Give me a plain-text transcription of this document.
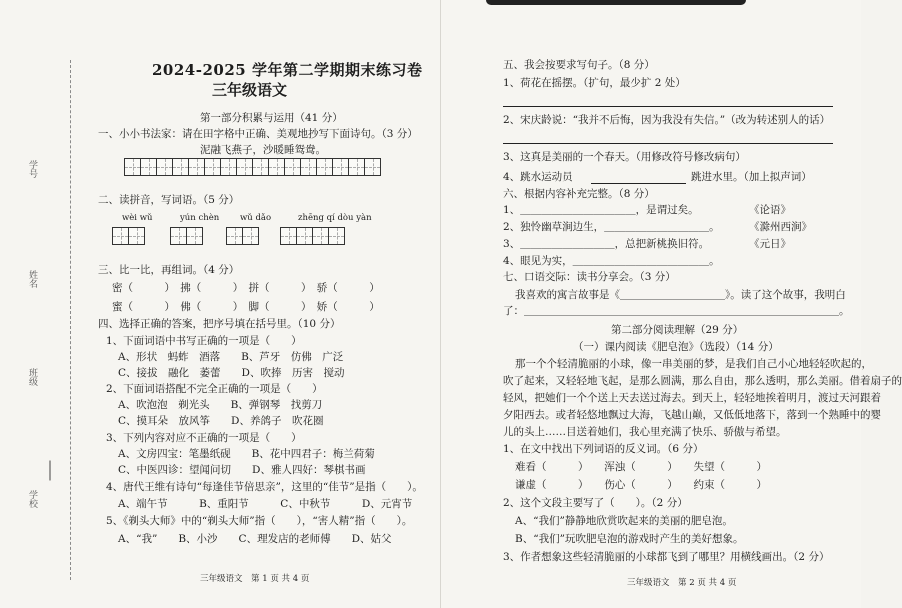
学校
班级
姓名
学号
2024-2025 学年第二学期期末练习卷
三年级语文
第一部分积累与运用（41 分）
一、小小书法家：请在田字格中正确、美观地抄写下面诗句。（3 分）
泥融飞燕子，沙暖睡鸳鸯。
二、读拼音，写词语。（5 分）
wèi wǔ	yún chèn wǔ dǎo	zhēng qí dòu yàn
三、比一比，再组词。（4 分）
密（　　　）　拂（　　　）　拼（　　　）　骄（　　　）
蜜（　　　）　佛（　　　）　脚（　　　）　娇（　　　）
四、选择正确的答案，把序号填在括号里。（10 分）
1、下面词语中书写正确的一项是（　　）
A、形状　蚂蚱　酒落　　B、芦牙　仿佛　广泛
C、接拔　融化　萎蕾　　D、吹捧　历害　搅动
2、下面词语搭配不完全正确的一项是（　　）
A、吹泡泡　剃光头　　B、弹钢琴　找剪刀
C、摸耳朵　放风筝　　D、养鸽子　吹花圈
3、下列内容对应不正确的一项是（　　）
A、文房四宝：笔墨纸砚　　B、花中四君子：梅兰荷菊
C、中医四诊：望闻问切　　D、雅人四好：琴棋书画
4、唐代王维有诗句“每逢佳节倍思亲”，这里的“佳节”是指（　　）。
A、端午节　　　B、重阳节　　　C、中秋节　　　D、元宵节
5、《剃头大师》中的“剃头大师”指（　　），“害人精”指（　　）。
A、“我”　　B、小沙　　C、理发店的老师傅　　D、姑父
三年级语文　第 1 页 共 4 页
五、我会按要求写句子。（8 分）
1、荷花在摇摆。（扩句，最少扩 2 处）
2、宋庆龄说：“我并不后悔，因为我没有失信。”（改为转述别人的话）
3、这真是美丽的一个春天。（用修改符号修改病句）
4、跳水运动员	跳进水里。（加上拟声词）
六、根据内容补充完整。（8 分）
1、＿＿＿＿＿＿＿＿＿＿＿，是谓过矣。	《论语》
2、独怜幽草涧边生，＿＿＿＿＿＿＿＿＿＿。	《滁州西涧》
3、＿＿＿＿＿＿＿＿＿，总把新桃换旧符。	《元日》
4、眼见为实，＿＿＿＿＿＿＿＿＿＿＿＿＿。
七、口语交际：读书分享会。（3 分）
我喜欢的寓言故事是《＿＿＿＿＿＿＿＿＿＿》。读了这个故事，我明白
了：＿＿＿＿＿＿＿＿＿＿＿＿＿＿＿＿＿＿＿＿＿＿＿＿＿＿＿＿＿＿。
第二部分阅读理解（29 分）
（一）课内阅读《肥皂泡》（选段）（14 分）
那一个个轻清脆丽的小球，像一串美丽的梦，是我们自己小心地轻轻吹起的，
吹了起来，又轻轻地飞起，是那么圆满，那么自由，那么透明，那么美丽。借着扇子的
轻风，把她们一个个送上天去送过海去。到天上，轻轻地挨着明月，渡过天河跟着
夕阳西去。或者轻悠地飘过大海，飞越山巅，又低低地落下，落到一个熟睡中的婴
儿的头上……目送着她们，我心里充满了快乐、骄傲与希望。
1、在文中找出下列词语的反义词。（6 分）
难看（　　　）　　浑浊（　　　）　　失望（　　　）
谦虚（　　　）　　伤心（　　　）　　约束（　　　）
2、这个文段主要写了（　　）。（2 分）
A、“我们”静静地欣赏吹起来的美丽的肥皂泡。
B、“我们”玩吹肥皂泡的游戏时产生的美好想象。
3、作者想象这些轻清脆丽的小球都飞到了哪里？用横线画出。（2 分）
三年级语文　第 2 页 共 4 页
